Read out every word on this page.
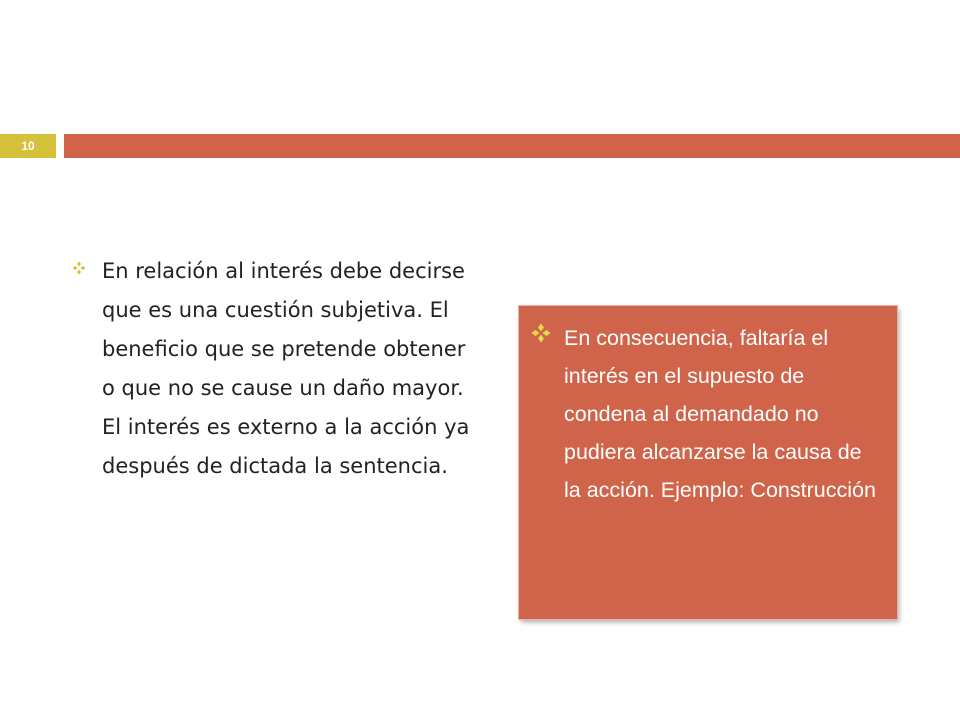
10

En relación al interés debe decirse que es una cuestión subjetiva. El beneficio que se pretende obtener o que no se cause un daño mayor. El interés es externo a la acción ya después de dictada la sentencia.

En consecuencia, faltaría el interés en el supuesto de condena al demandado no pudiera alcanzarse la causa de la acción. Ejemplo: Construcción
